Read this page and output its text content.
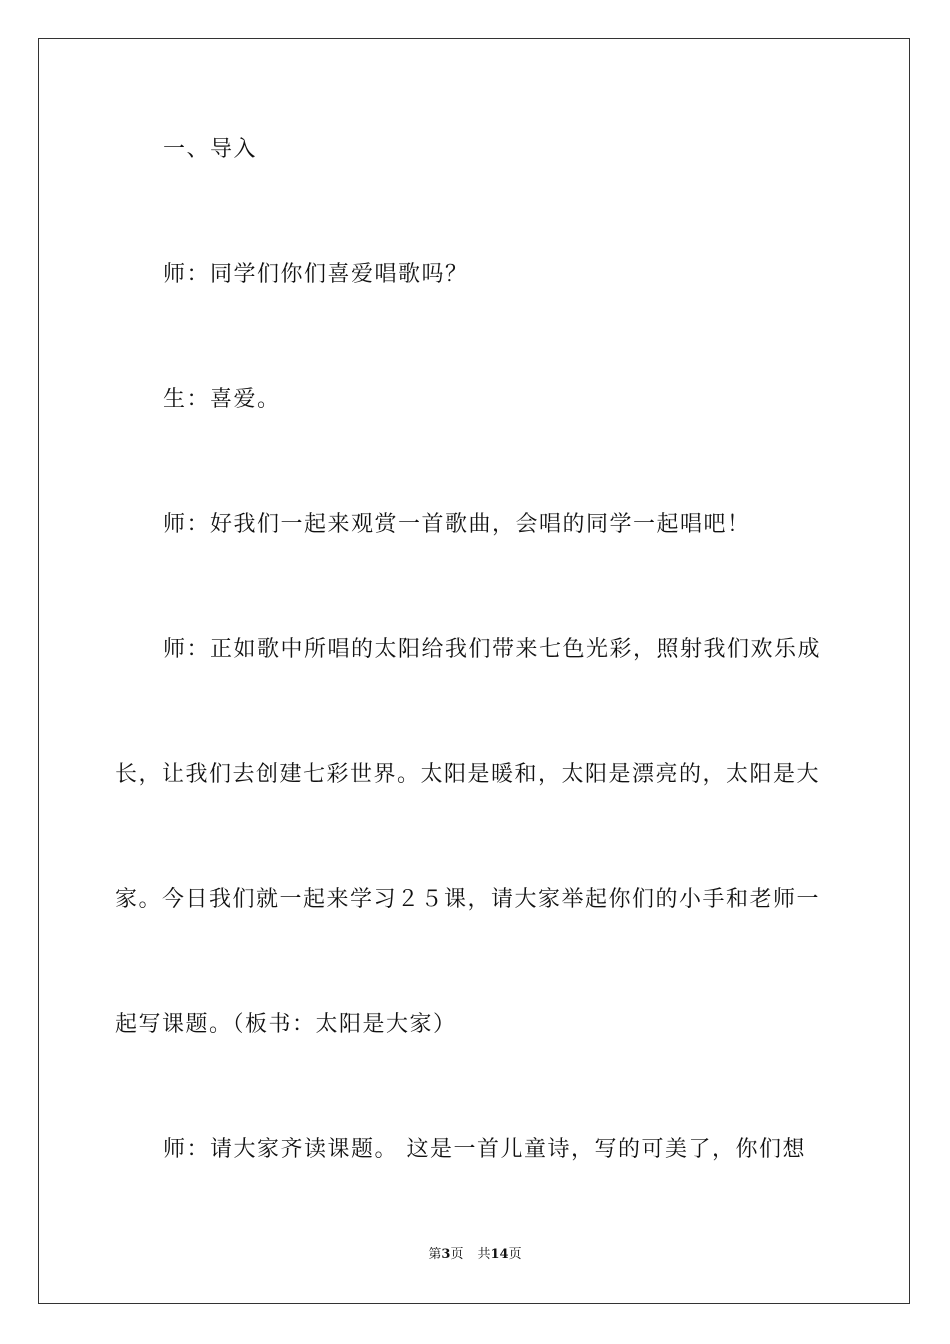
一、导入
师：同学们你们喜爱唱歌吗？
生：喜爱。
师：好我们一起来观赏一首歌曲，会唱的同学一起唱吧！
师：正如歌中所唱的太阳给我们带来七色光彩，照射我们欢乐成
长，让我们去创建七彩世界。太阳是暖和，太阳是漂亮的，太阳是大
家。今日我们就一起来学习２５课，请大家举起你们的小手和老师一
起写课题。（板书：太阳是大家）
师：请大家齐读课题。 这是一首儿童诗，写的可美了，你们想
第3页 共14页
